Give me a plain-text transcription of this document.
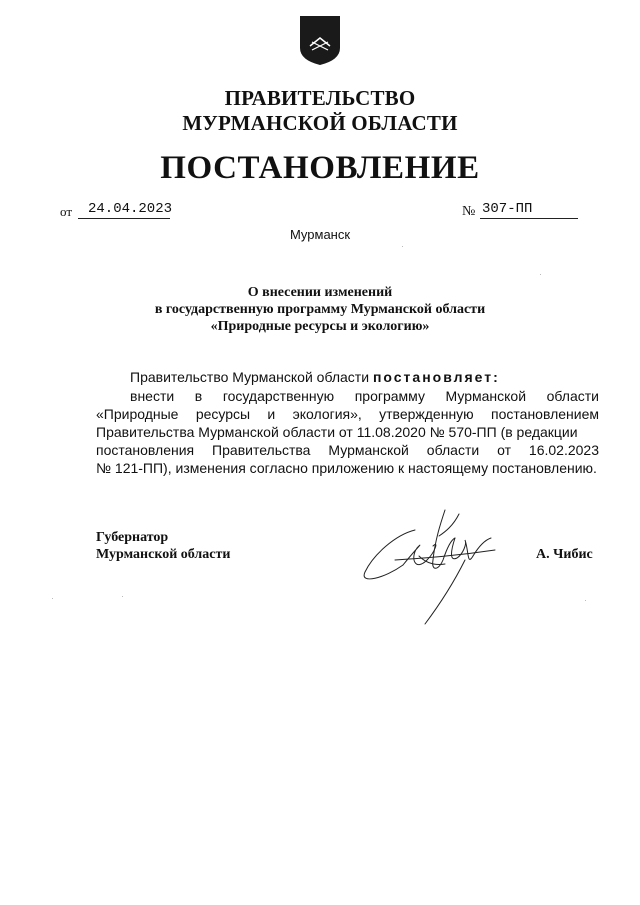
ПРАВИТЕЛЬСТВО
МУРМАНСКОЙ ОБЛАСТИ
ПОСТАНОВЛЕНИЕ
от	24.04.2023	№ 307-ПП
Мурманск
О внесении изменений
в государственную программу Мурманской области
«Природные ресурсы и экологию»
Правительство Мурманской области постановляет:
внести в государственную программу Мурманской области
«Природные ресурсы и экология», утвержденную постановлением
Правительства Мурманской области от 11.08.2020 № 570-ПП (в редакции
постановления Правительства Мурманской области от 16.02.2023
№ 121-ПП), изменения согласно приложению к настоящему постановлению.
Губернатор
Мурманской области	А. Чибис
